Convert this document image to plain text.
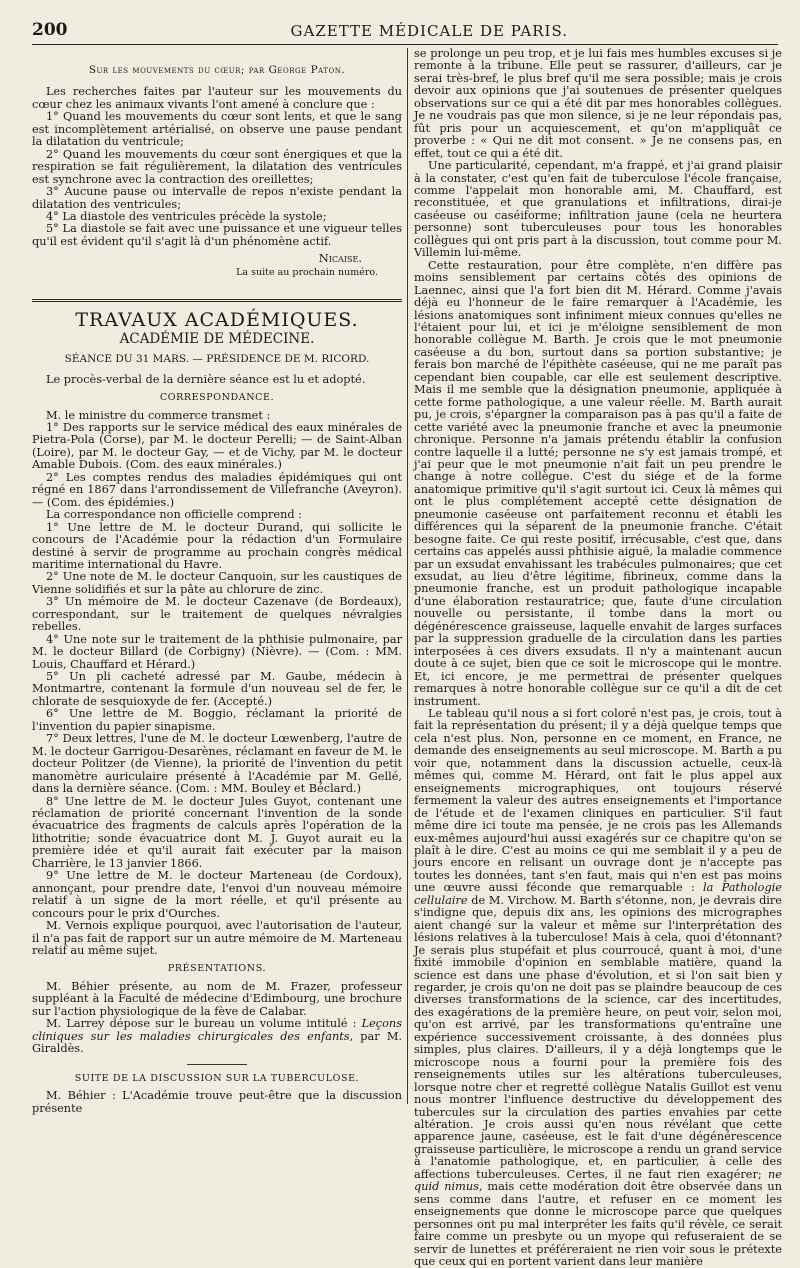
200	GAZETTE MÉDICALE DE PARIS.
Sur les mouvements du cœur; par George Paton.

Les recherches faites par l'auteur sur les mouvements du cœur chez les animaux vivants l'ont amené à conclure que :

1° Quand les mouvements du cœur sont lents, et que le sang est incomplètement artérialisé, on observe une pause pendant la dilatation du ventricule;

2° Quand les mouvements du cœur sont énergiques et que la respiration se fait régulièrement, la dilatation des ventricules est synchrone avec la contraction des oreillettes;

3° Aucune pause ou intervalle de repos n'existe pendant la dilatation des ventricules;

4° La diastole des ventricules précède la systole;

5° La diastole se fait avec une puissance et une vigueur telles qu'il est évident qu'il s'agit là d'un phénomène actif.

Nicaise.
La suite au prochain numéro.
TRAVAUX ACADÉMIQUES.
ACADÉMIE DE MÉDECINE.
SÉANCE DU 31 MARS. — PRÉSIDENCE DE M. RICORD.

Le procès-verbal de la dernière séance est lu et adopté.

CORRESPONDANCE.

M. le ministre du commerce transmet :

1° Des rapports sur le service médical des eaux minérales de Pietra-Pola (Corse), par M. le docteur Perelli; — de Saint-Alban (Loire), par M. le docteur Gay, — et de Vichy, par M. le docteur Amable Dubois. (Com. des eaux minérales.)

2° Les comptes rendus des maladies épidémiques qui ont régné en 1867 dans l'arrondissement de Villefranche (Aveyron). — (Com. des épidémies.)

La correspondance non officielle comprend :

1° Une lettre de M. le docteur Durand, qui sollicite le concours de l'Académie pour la rédaction d'un Formulaire destiné à servir de programme au prochain congrès médical maritime international du Havre.

2° Une note de M. le docteur Canquoin, sur les caustiques de Vienne solidifiés et sur la pâte au chlorure de zinc.

3° Un mémoire de M. le docteur Cazenave (de Bordeaux), correspondant, sur le traitement de quelques névralgies rebelles.

4° Une note sur le traitement de la phthisie pulmonaire, par M. le docteur Billard (de Corbigny) (Nièvre). — (Com. : MM. Louis, Chauffard et Hérard.)

5° Un pli cacheté adressé par M. Gaube, médecin à Montmartre, contenant la formule d'un nouveau sel de fer, le chlorate de sesquioxyde de fer. (Accepté.)

6° Une lettre de M. Boggio, réclamant la priorité de l'invention du papier sinapisme.

7° Deux lettres, l'une de M. le docteur Lœwenberg, l'autre de M. le docteur Garrigou-Desarènes, réclamant en faveur de M. le docteur Politzer (de Vienne), la priorité de l'invention du petit manomètre auriculaire présenté à l'Académie par M. Gellé, dans la dernière séance. (Com. : MM. Bouley et Béclard.)

8° Une lettre de M. le docteur Jules Guyot, contenant une réclamation de priorité concernant l'invention de la sonde évacuatrice des fragments de calculs après l'opération de la lithotritie; sonde évacuatrice dont M. J. Guyot aurait eu la première idée et qu'il aurait fait exécuter par la maison Charrière, le 13 janvier 1866.

9° Une lettre de M. le docteur Marteneau (de Cordoux), annonçant, pour prendre date, l'envoi d'un nouveau mémoire relatif à un signe de la mort réelle, et qu'il présente au concours pour le prix d'Ourches.

M. Vernois explique pourquoi, avec l'autorisation de l'auteur, il n'a pas fait de rapport sur un autre mémoire de M. Marteneau relatif au même sujet.

PRÉSENTATIONS.

M. Béhier présente, au nom de M. Frazer, professeur suppléant à la Faculté de médecine d'Edimbourg, une brochure sur l'action physiologique de la fève de Calabar.

M. Larrey dépose sur le bureau un volume intitulé : Leçons cliniques sur les maladies chirurgicales des enfants, par M. Giraldès.

SUITE DE LA DISCUSSION SUR LA TUBERCULOSE.

M. Béhier : L'Académie trouve peut-être que la discussion présente

se prolonge un peu trop, et je lui fais mes humbles excuses si je remonte à la tribune. Elle peut se rassurer, d'ailleurs, car je serai très-bref, le plus bref qu'il me sera possible; mais je crois devoir aux opinions que j'ai soutenues de présenter quelques observations sur ce qui a été dit par mes honorables collègues. Je ne voudrais pas que mon silence, si je ne leur répondais pas, fût pris pour un acquiescement, et qu'on m'appliquât ce proverbe : « Qui ne dit mot consent. » Je ne consens pas, en effet, tout ce qui a été dit.

Une particularité, cependant, m'a frappé, et j'ai grand plaisir à la constater, c'est qu'en fait de tuberculose l'école française, comme l'appelait mon honorable ami, M. Chauffard, est reconstituée, et que granulations et infiltrations, dirai-je caséeuse ou caséiforme; infiltration jaune (cela ne heurtera personne) sont tuberculeuses pour tous les honorables collègues qui ont pris part à la discussion, tout comme pour M. Villemin lui-même.

Cette restauration, pour être complète, n'en diffère pas moins sensiblement par certains côtés des opinions de Laennec, ainsi que l'a fort bien dit M. Hérard. Comme j'avais déjà eu l'honneur de le faire remarquer à l'Académie, les lésions anatomiques sont infiniment mieux connues qu'elles ne l'étaient pour lui, et ici je m'éloigne sensiblement de mon honorable collègue M. Barth. Je crois que le mot pneumonie caséeuse a du bon, surtout dans sa portion substantive; je ferais bon marché de l'épithète caséeuse, qui ne me paraît pas cependant bien coupable, car elle est seulement descriptive. Mais il me semble que la désignation pneumonie, appliquée à cette forme pathologique, a une valeur réelle. M. Barth aurait pu, je crois, s'épargner la comparaison pas à pas qu'il a faite de cette variété avec la pneumonie franche et avec la pneumonie chronique. Personne n'a jamais prétendu établir la confusion contre laquelle il a lutté; personne ne s'y est jamais trompé, et j'ai peur que le mot pneumonie n'ait fait un peu prendre le change à notre collègue. C'est du siége et de la forme anatomique primitive qu'il s'agit surtout ici. Ceux là mêmes qui ont le plus complétement accepté cette désignation de pneumonie caséeuse ont parfaitement reconnu et établi les différences qui la séparent de la pneumonie franche. C'était besogne faite. Ce qui reste positif, irrécusable, c'est que, dans certains cas appelés aussi phthisie aiguë, la maladie commence par un exsudat envahissant les trabécules pulmonaires; que cet exsudat, au lieu d'être légitime, fibrineux, comme dans la pneumonie franche, est un produit pathologique incapable d'une élaboration restauratrice; que, faute d'une circulation nouvelle ou persistante, il tombe dans la mort ou dégénérescence graisseuse, laquelle envahit de larges surfaces par la suppression graduelle de la circulation dans les parties interposées à ces divers exsudats. Il n'y a maintenant aucun doute à ce sujet, bien que ce soit le microscope qui le montre. Et, ici encore, je me permettrai de présenter quelques remarques à notre honorable collègue sur ce qu'il a dit de cet instrument.

Le tableau qu'il nous a si fort coloré n'est pas, je crois, tout à fait la représentation du présent; il y a déjà quelque temps que cela n'est plus. Non, personne en ce moment, en France, ne demande des enseignements au seul microscope. M. Barth a pu voir que, notamment dans la discussion actuelle, ceux-là mêmes qui, comme M. Hérard, ont fait le plus appel aux enseignements micrographiques, ont toujours réservé fermement la valeur des autres enseignements et l'importance de l'étude et de l'examen cliniques en particulier. S'il faut même dire ici toute ma pensée, je ne crois pas les Allemands eux-mêmes aujourd'hui aussi exagérés sur ce chapitre qu'on se plaît à le dire. C'est au moins ce qui me semblait il y a peu de jours encore en relisant un ouvrage dont je n'accepte pas toutes les données, tant s'en faut, mais qui n'en est pas moins une œuvre aussi féconde que remarquable : la Pathologie cellulaire de M. Virchow. M. Barth s'étonne, non, je devrais dire s'indigne que, depuis dix ans, les opinions des micrographes aient changé sur la valeur et même sur l'interprétation des lésions relatives à la tuberculose! Mais à cela, quoi d'étonnant? Je serais plus stupéfait et plus courroucé, quant à moi, d'une fixité immobile d'opinion en semblable matière, quand la science est dans une phase d'évolution, et si l'on sait bien y regarder, je crois qu'on ne doit pas se plaindre beaucoup de ces diverses transformations de la science, car des incertitudes, des exagérations de la première heure, on peut voir, selon moi, qu'on est arrivé, par les transformations qu'entraîne une expérience successivement croissante, à des données plus simples, plus claires. D'ailleurs, il y a déjà longtemps que le microscope nous a fourni pour la première fois des renseignements utiles sur les altérations tuberculeuses, lorsque notre cher et regretté collègue Natalis Guillot est venu nous montrer l'influence destructive du développement des tubercules sur la circulation des parties envahies par cette altération. Je crois aussi qu'en nous révélant que cette apparence jaune, caséeuse, est le fait d'une dégénérescence graisseuse particulière, le microscope a rendu un grand service à l'anatomie pathologique, et, en particulier, à celle des affections tuberculeuses. Certes, il ne faut rien exagérer; ne quid nimus, mais cette modération doit être observée dans un sens comme dans l'autre, et refuser en ce moment les enseignements que donne le microscope parce que quelques personnes ont pu mal interpréter les faits qu'il révèle, ce serait faire comme un presbyte ou un myope qui refuseraient de se servir de lunettes et préféreraient ne rien voir sous le prétexte que ceux qui en portent varient dans leur manière
